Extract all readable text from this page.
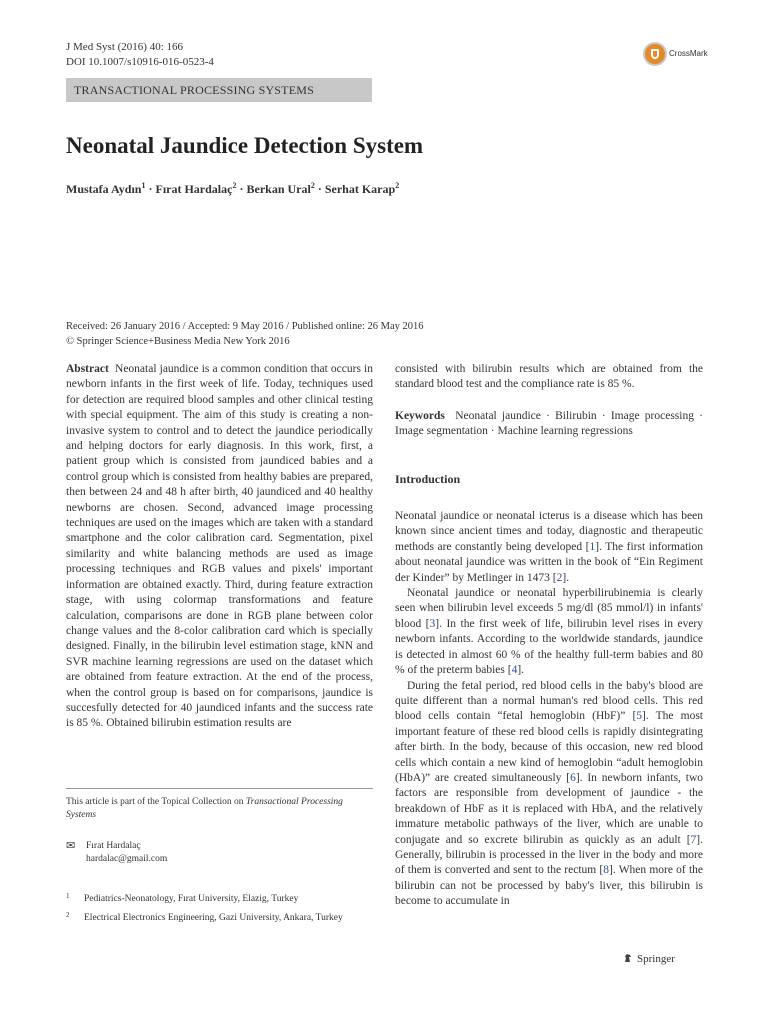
J Med Syst (2016) 40: 166
DOI 10.1007/s10916-016-0523-4
CrossMark
TRANSACTIONAL PROCESSING SYSTEMS
Neonatal Jaundice Detection System
Mustafa Aydın$^1$ · Fırat Hardalaç$^2$ · Berkan Ural$^2$ · Serhat Karap$^2$
Received: 26 January 2016 / Accepted: 9 May 2016 / Published online: 26 May 2016
© Springer Science+Business Media New York 2016

Abstract Neonatal jaundice is a common condition that occurs in newborn infants in the first week of life. Today, techniques used for detection are required blood samples and other clinical testing with special equipment. The aim of this study is creating a non-invasive system to control and to detect the jaundice periodically and helping doctors for early diagnosis. In this work, first, a patient group which is consisted from jaundiced babies and a control group which is consisted from healthy babies are prepared, then between 24 and 48 h after birth, 40 jaundiced and 40 healthy newborns are chosen. Second, advanced image processing techniques are used on the images which are taken with a standard smartphone and the color calibration card. Segmentation, pixel similarity and white balancing methods are used as image processing techniques and RGB values and pixels' important information are obtained exactly. Third, during feature extraction stage, with using colormap transformations and feature calculation, comparisons are done in RGB plane between color change values and the 8-color calibration card which is specially designed. Finally, in the bilirubin level estimation stage, kNN and SVR machine learning regressions are used on the dataset which are obtained from feature extraction. At the end of the process, when the control group is based on for comparisons, jaundice is succesfully detected for 40 jaundiced infants and the success rate is 85 %. Obtained bilirubin estimation results are

This article is part of the Topical Collection on Transactional Processing Systems
✉ Fırat Hardalaç
hardalac@gmail.com
1 Pediatrics-Neonatology, Fırat University, Elazig, Turkey
2 Electrical Electronics Engineering, Gazi University, Ankara, Turkey

consisted with bilirubin results which are obtained from the standard blood test and the compliance rate is 85 %.

Keywords Neonatal jaundice · Bilirubin · Image processing · Image segmentation · Machine learning regressions

Introduction

Neonatal jaundice or neonatal icterus is a disease which has been known since ancient times and today, diagnostic and therapeutic methods are constantly being developed [1]. The first information about neonatal jaundice was written in the book of “Ein Regiment der Kinder” by Metlinger in 1473 [2].

Neonatal jaundice or neonatal hyperbilirubinemia is clearly seen when bilirubin level exceeds 5 mg/dl (85 mmol/l) in infants' blood [3]. In the first week of life, bilirubin level rises in every newborn infants. According to the worldwide standards, jaundice is detected in almost 60 % of the healthy full-term babies and 80 % of the preterm babies [4].

During the fetal period, red blood cells in the baby's blood are quite different than a normal human's red blood cells. This red blood cells contain “fetal hemoglobin (HbF)” [5]. The most important feature of these red blood cells is rapidly disintegrating after birth. In the body, because of this occasion, new red blood cells which contain a new kind of hemoglobin “adult hemoglobin (HbA)” are created simultaneously [6]. In newborn infants, two factors are responsible from development of jaundice - the breakdown of HbF as it is replaced with HbA, and the relatively immature metabolic pathways of the liver, which are unable to conjugate and so excrete bilirubin as quickly as an adult [7]. Generally, bilirubin is processed in the liver in the body and more of them is converted and sent to the rectum [8]. When more of the bilirubin can not be processed by baby's liver, this bilirubin is become to accumulate in

Springer
